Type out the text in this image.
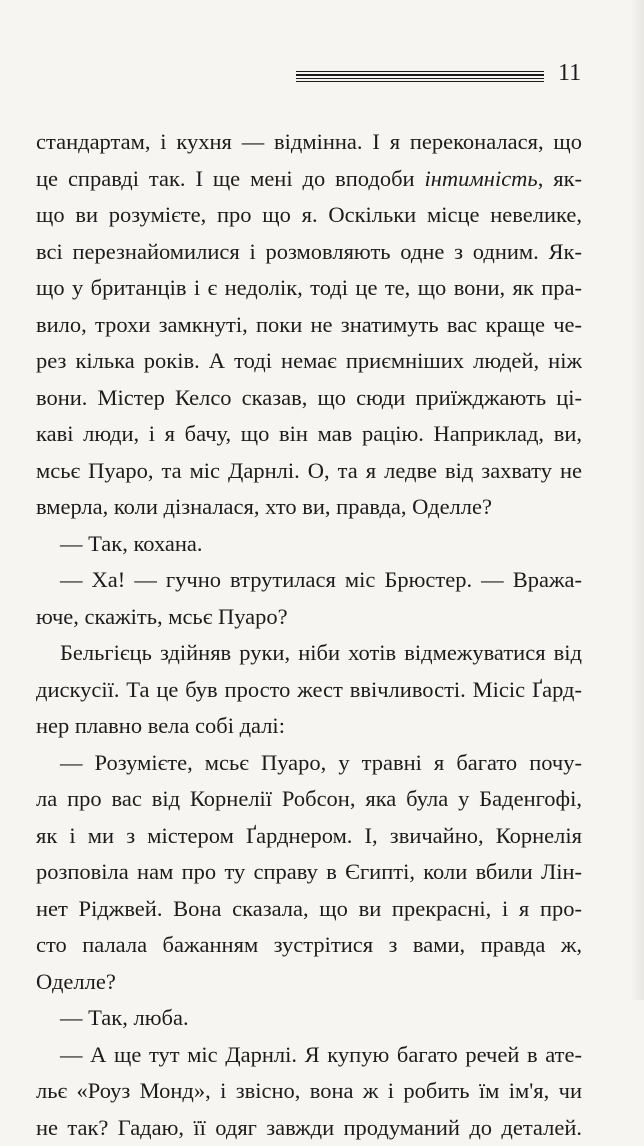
11
стандартам, і кухня — відмінна. І я переконалася, що
це справді так. І ще мені до вподоби інтимність, як-
що ви розумієте, про що я. Оскільки місце невелике,
всі перезнайомилися і розмовляють одне з одним. Як-
що у британців і є недолік, тоді це те, що вони, як пра-
вило, трохи замкнуті, поки не знатимуть вас краще че-
рез кілька років. А тоді немає приємніших людей, ніж
вони. Містер Келсо сказав, що сюди приїжджають ці-
каві люди, і я бачу, що він мав рацію. Наприклад, ви,
мсьє Пуаро, та міс Дарнлі. О, та я ледве від захвату не
вмерла, коли дізналася, хто ви, правда, Оделле?
— Так, кохана.
— Ха! — гучно втрутилася міс Брюстер. — Вража-
юче, скажіть, мсьє Пуаро?
Бельгієць здійняв руки, ніби хотів відмежуватися від
дискусії. Та це був просто жест ввічливості. Місіс Ґард-
нер плавно вела собі далі:
— Розумієте, мсьє Пуаро, у травні я багато почу-
ла про вас від Корнелії Робсон, яка була у Баденгофі,
як і ми з містером Ґарднером. І, звичайно, Корнелія
розповіла нам про ту справу в Єгипті, коли вбили Лін-
нет Ріджвей. Вона сказала, що ви прекрасні, і я про-
сто палала бажанням зустрітися з вами, правда ж,
Оделле?
— Так, люба.
— А ще тут міс Дарнлі. Я купую багато речей в ате-
льє «Роуз Монд», і звісно, вона ж і робить їм ім'я, чи
не так? Гадаю, її одяг завжди продуманий до деталей.
